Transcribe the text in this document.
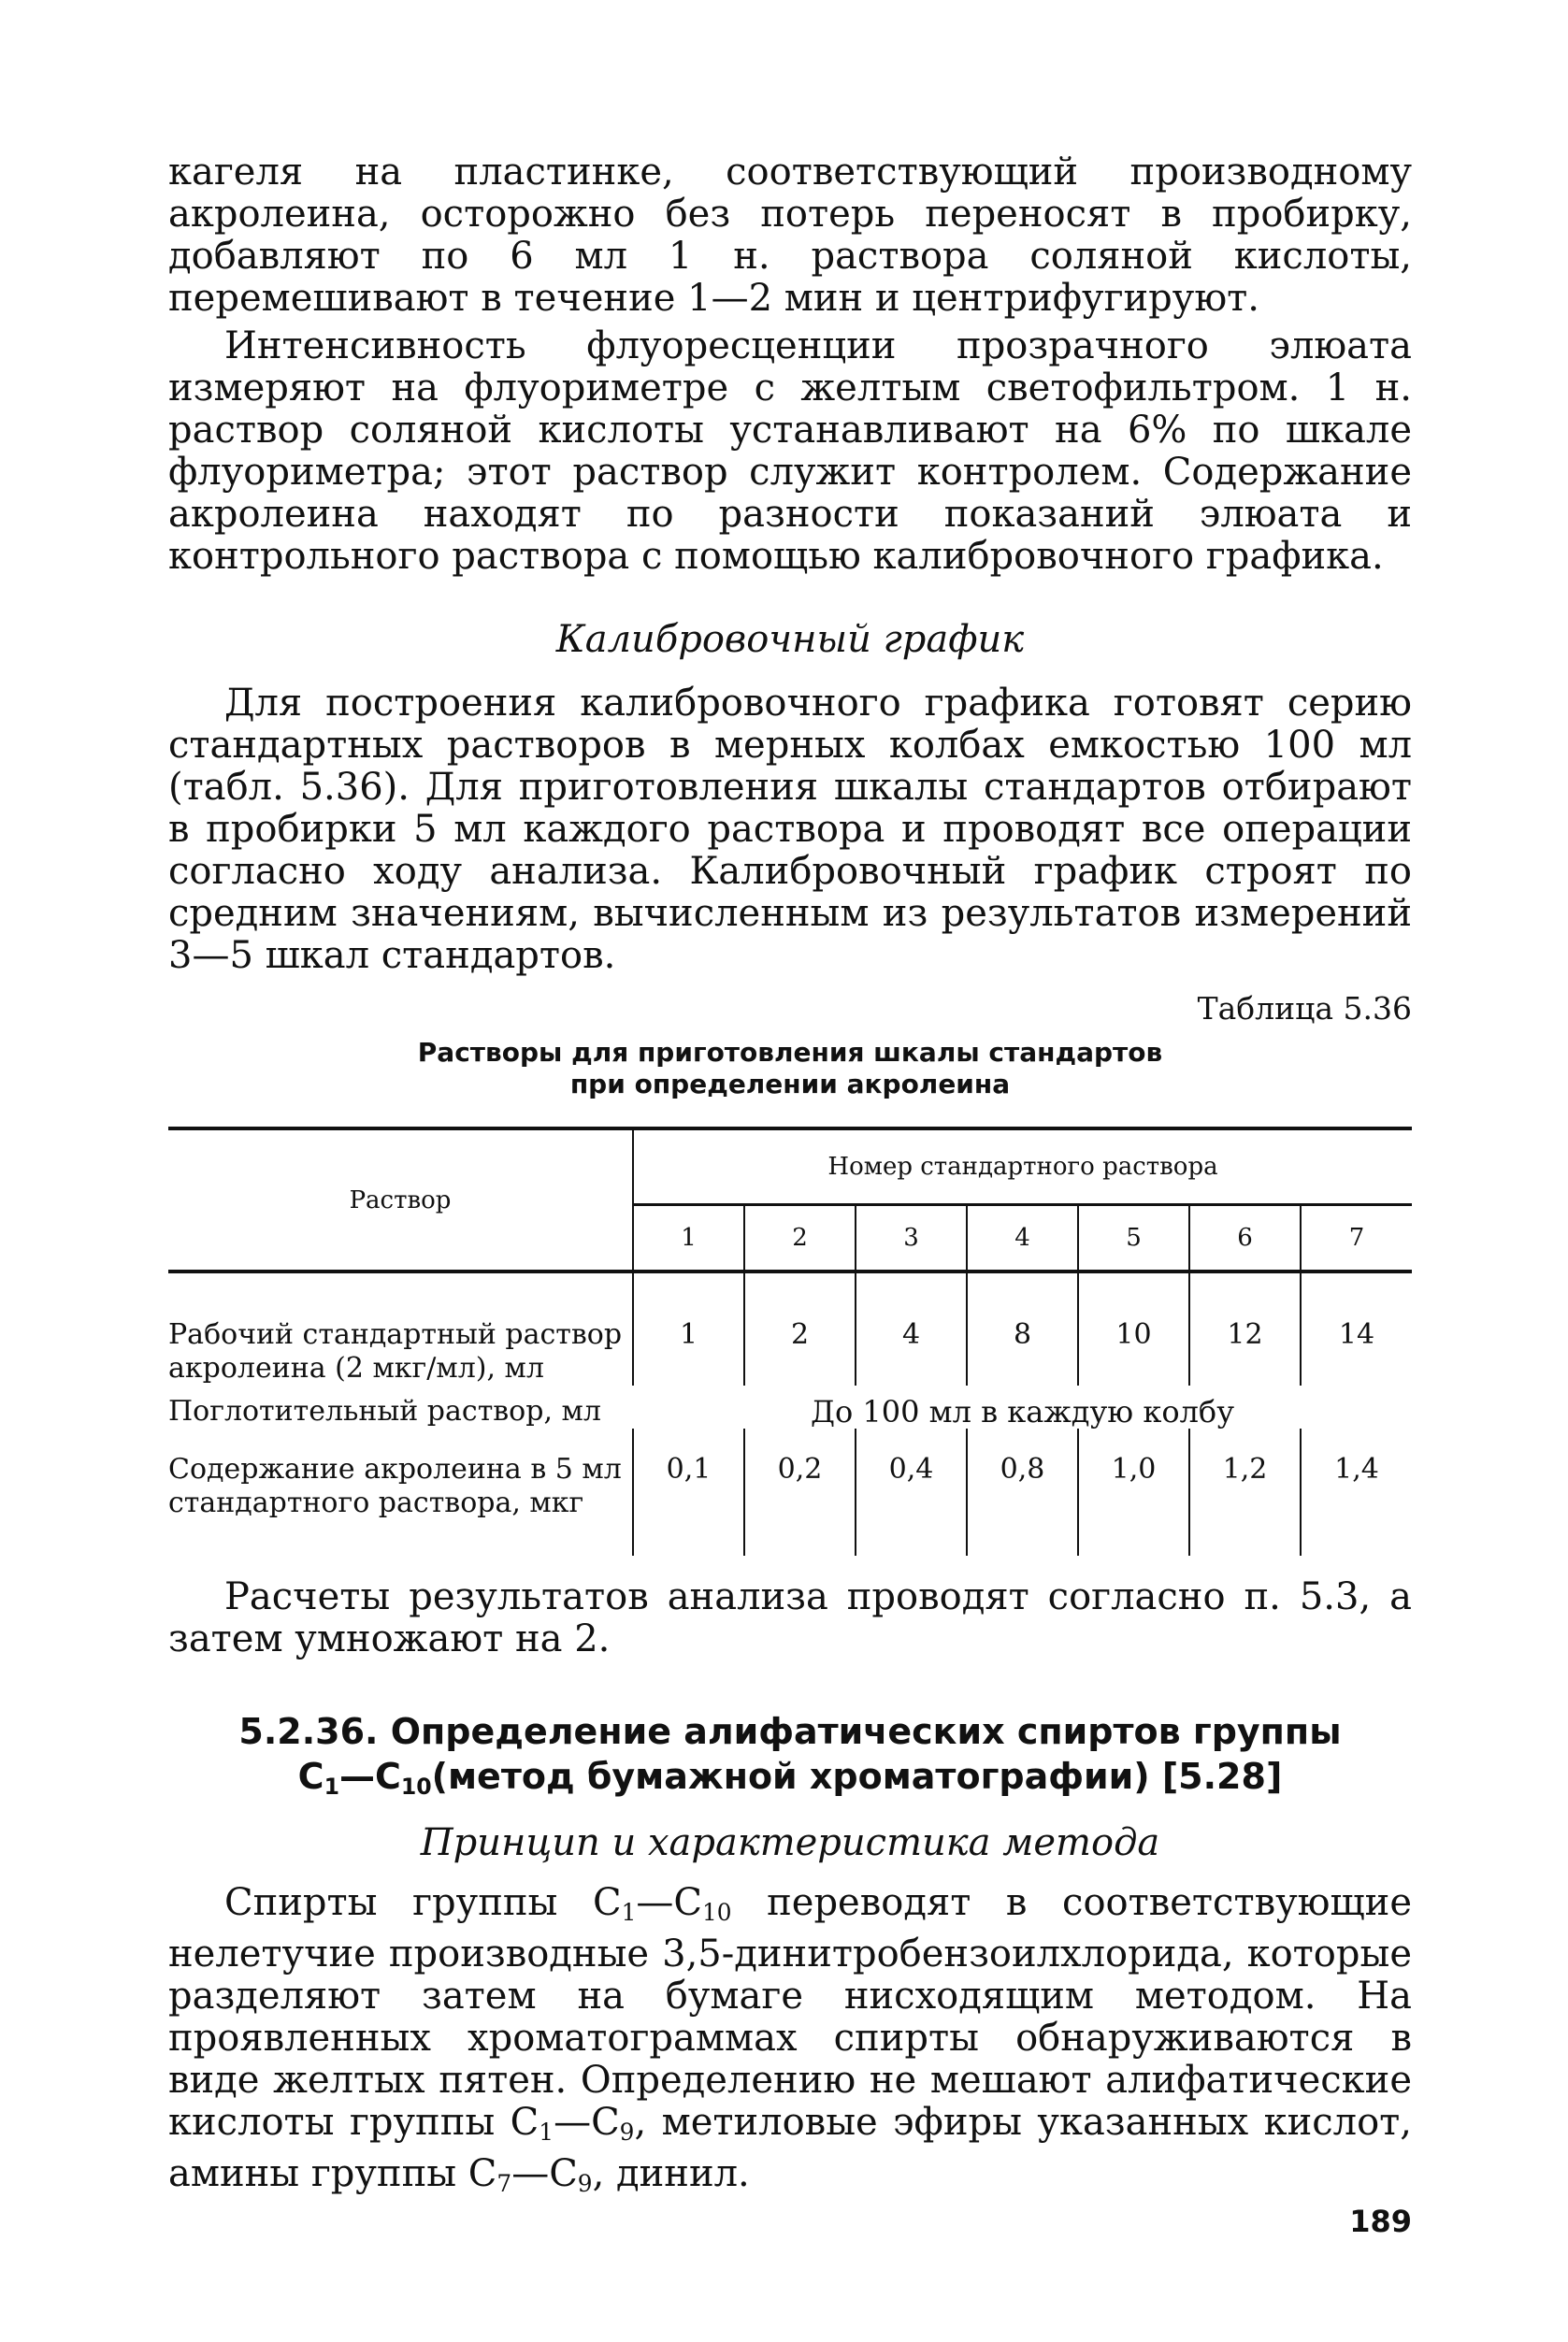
кагеля на пластинке, соответствующий производному акролеина, осторожно без потерь переносят в пробирку, добавляют по 6 мл 1 н. раствора соляной кислоты, перемешивают в течение 1—2 мин и центрифугируют.

Интенсивность флуоресценции прозрачного элюата измеряют на флуориметре с желтым светофильтром. 1 н. раствор соляной кислоты устанавливают на 6% по шкале флуориметра; этот раствор служит контролем. Содержание акролеина находят по разности показаний элюата и контрольного раствора с помощью калибровочного графика.

Калибровочный график

Для построения калибровочного графика готовят серию стандартных растворов в мерных колбах емкостью 100 мл (табл. 5.36). Для приготовления шкалы стандартов отбирают в пробирки 5 мл каждого раствора и проводят все операции согласно ходу анализа. Калибровочный график строят по средним значениям, вычисленным из результатов измерений 3—5 шкал стандартов.

Таблица 5.36

Растворы для приготовления шкалы стандартов

при определении акролеина

Раствор	Номер стандартного раствора						
	1	2	3	4	5	6	7

Рабочий стандартный раствор акролеина (2 мкг/мл), мл	1	2	4	8	10	12	14
Поглотительный раствор, мл	До 100 мл в каждую колбу						
Содержание акролеина в 5 мл стандартного раствора, мкг	0,1	0,2	0,4	0,8	1,0	1,2	1,4

Расчеты результатов анализа проводят согласно п. 5.3, а затем умножают на 2.

5.2.36. Определение алифатических спиртов группы

$C_1—C_{10}(метод$ бумажной хроматографии) [5.28]

Принцип и характеристика метода

Спирты группы $C_1—C_{10}$ переводят в соответствующие нелетучие производные 3,5-динитробензоилхлорида, которые разделяют затем на бумаге нисходящим методом. На проявленных хроматограммах спирты обнаруживаются в виде желтых пятен. Определению не мешают алифатические кислоты группы $C_1—C_9$, метиловые эфиры указанных кислот, амины группы $C_7—C_9$, динил.

189
